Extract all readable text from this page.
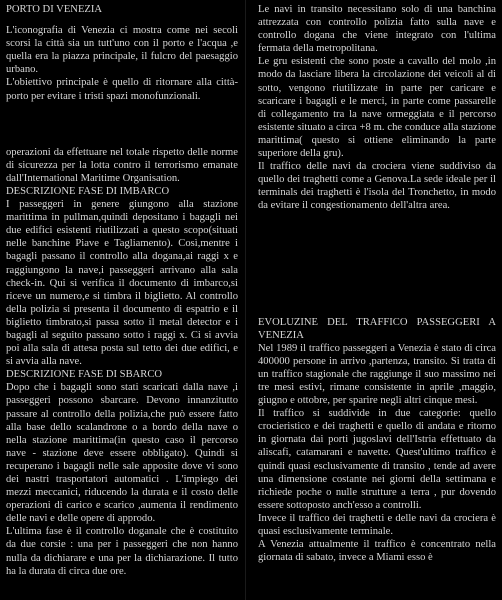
PORTO DI VENEZIA

L'iconografia di Venezia ci mostra come nei secoli scorsi la città sia un tutt'uno con il porto e l'acqua ,e quella era la piazza principale, il fulcro del paesaggio urbano.

L'obiettivo principale è quello di ritornare alla città-porto per evitare i tristi spazi monofunzionali.

operazioni da effettuare nel totale rispetto delle norme di sicurezza per la lotta contro il terrorismo emanate dall'International Maritime Organisation.

DESCRIZIONE FASE DI IMBARCO

I passeggeri in genere giungono alla stazione marittima in pullman,quindi depositano i bagagli nei due edifici esistenti riutilizzati a questo scopo(situati nelle banchine Piave e Tagliamento). Così,mentre i bagagli passano il controllo alla dogana,ai raggi x e raggiungono la nave,i passeggeri arrivano alla sala check-in. Qui si verifica il documento di imbarco,si riceve un numero,e si timbra il biglietto. Al controllo della polizia si presenta il documento di espatrio e il biglietto timbrato,si passa sotto il metal detector e i bagagli al seguito passano sotto i raggi x. Ci si avvia poi alla sala di attesa posta sul tetto dei due edifici, e si avvia alla nave.

DESCRIZIONE FASE DI SBARCO

Dopo che i bagagli sono stati scaricati dalla nave ,i passeggeri possono sbarcare. Devono innanzitutto passare al controllo della polizia,che può essere fatto alla base dello scalandrone o a bordo della nave o nella stazione marittima(in questo caso il percorso nave - stazione deve essere obbligato). Quindi si recuperano i bagagli nelle sale apposite dove vi sono dei nastri trasportatori automatici . L'impiego dei mezzi meccanici, riducendo la durata e il costo delle operazioni di carico e scarico ,aumenta il rendimento delle navi e delle opere di approdo.

L'ultima fase è il controllo doganale che è costituito da due corsie : una per i passeggeri che non hanno nulla da dichiarare e una per la dichiarazione. Il tutto ha la durata di circa due ore.

Le navi in transito necessitano solo di una banchina attrezzata con controllo polizia fatto sulla nave e controllo dogana che viene integrato con l'ultima fermata della metropolitana.

Le gru esistenti che sono poste a cavallo del molo ,in modo da lasciare libera la circolazione dei veicoli al di sotto, vengono riutilizzate in parte per caricare e scaricare i bagagli e le merci, in parte come passarelle di collegamento tra la nave ormeggiata e il percorso esistente situato a circa +8 m. che conduce alla stazione marittima( questo si ottiene eliminando la parte superiore della gru).

Il traffico delle navi da crociera viene suddiviso da quello dei traghetti come a Genova.La sede ideale per il terminals dei traghetti è l'isola del Tronchetto, in modo da evitare il congestionamento dell'altra area.

EVOLUZINE DEL TRAFFICO PASSEGGERI A VENEZIA

Nel 1989 il traffico passeggeri a Venezia è stato di circa 400000 persone in arrivo ,partenza, transito. Si tratta di un traffico stagionale che raggiunge il suo massimo nei tre mesi estivi, rimane consistente in aprile ,maggio, giugno e ottobre, per sparire negli altri cinque mesi.

Il traffico si suddivide in due categorie: quello crocieristico e dei traghetti e quello di andata e ritorno in giornata dai porti jugoslavi dell'Istria effettuato da aliscafi, catamarani e navette. Quest'ultimo traffico è quindi quasi esclusivamente di transito , tende ad avere una dimensione costante nei giorni della settimana e richiede poche o nulle strutture a terra , pur dovendo essere sottoposto anch'esso a controlli.

Invece il traffico dei traghetti e delle navi da crociera è quasi esclusivamente terminale.

A Venezia attualmente il traffico è concentrato nella giornata di sabato, invece a Miami esso è
